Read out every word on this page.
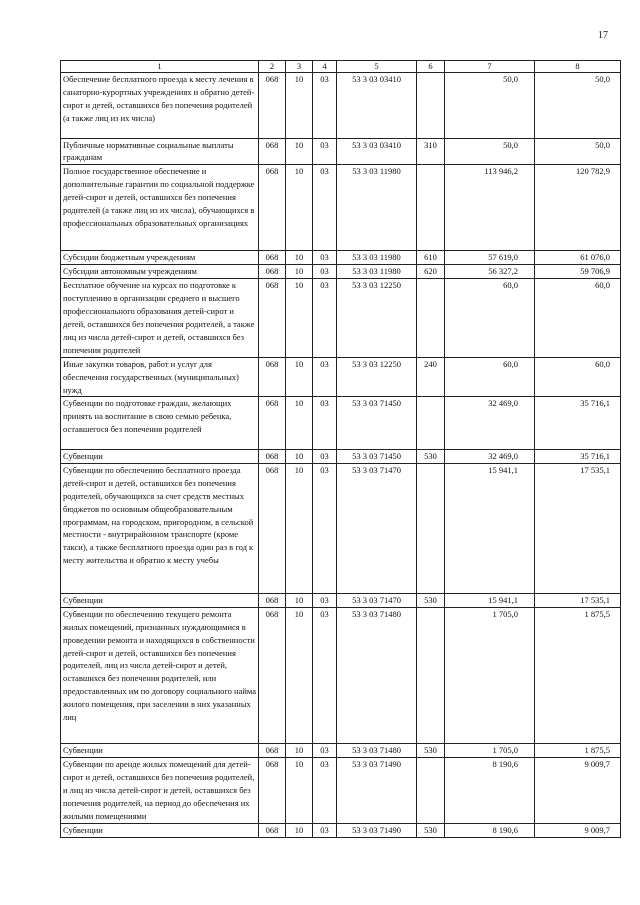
17
1	2	3	4	5	6	7	8
Обеспечение бесплатного проезда к месту лечения в санаторно-курортных учреждениях и обратно детей-сирот и детей, оставшихся без попечения родителей (а также лиц из их числа)	068	10	03	53 3 03 03410		50,0	50,0
Публичные нормативные социальные выплаты гражданам	068	10	03	53 3 03 03410	310	50,0	50,0
Полное государственное обеспечение и дополнительные гарантии по социальной поддержке детей-сирот и детей, оставшихся без попечения родителей (а также лиц из их числа), обучающихся в профессиональных образовательных организациях	068	10	03	53 3 03 11980		113 946,2	120 782,9
Субсидии бюджетным учреждениям	068	10	03	53 3 03 11980	610	57 619,0	61 076,0
Субсидии автономным учреждениям	068	10	03	53 3 03 11980	620	56 327,2	59 706,9
Бесплатное обучение на курсах по подготовке к поступлению в организации среднего и высшего профессионального образования детей-сирот и детей, оставшихся без попечения родителей, а также лиц из числа детей-сирот и детей, оставшихся без попечения родителей	068	10	03	53 3 03 12250		60,0	60,0
Иные закупки товаров, работ и услуг для обеспечения государственных (муниципальных) нужд	068	10	03	53 3 03 12250	240	60,0	60,0
Субвенции по подготовке граждан, желающих принять на воспитание в свою семью ребенка, оставшегося без попечения родителей	068	10	03	53 3 03 71450		32 469,0	35 716,1
Субвенции	068	10	03	53 3 03 71450	530	32 469,0	35 716,1
Субвенции по обеспечению бесплатного проезда детей-сирот и детей, оставшихся без попечения родителей, обучающихся за счет средств местных бюджетов по основным общеобразовательным программам, на городском, пригородном, в сельской местности - внутрирайонном транспорте (кроме такси), а также бесплатного проезда один раз в год к месту жительства и обратно к месту учебы	068	10	03	53 3 03 71470		15 941,1	17 535,1
Субвенции	068	10	03	53 3 03 71470	530	15 941,1	17 535,1
Субвенции по обеспечению текущего ремонта жилых помещений, признанных нуждающимися в проведении ремонта и находящихся в собственности детей-сирот и детей, оставшихся без попечения родителей, лиц из числа детей-сирот и детей, оставшихся без попечения родителей, или предоставленных им по договору социального найма жилого помещения, при заселении в них указанных лиц	068	10	03	53 3 03 71480		1 705,0	1 875,5
Субвенции	068	10	03	53 3 03 71480	530	1 705,0	1 875,5
Субвенции по аренде жилых помещений для детей-сирот и детей, оставшихся без попечения родителей, и лиц из числа детей-сирот и детей, оставшихся без попечения родителей, на период до обеспечения их жилыми помещениями	068	10	03	53 3 03 71490		8 190,6	9 009,7
Субвенции	068	10	03	53 3 03 71490	530	8 190,6	9 009,7
